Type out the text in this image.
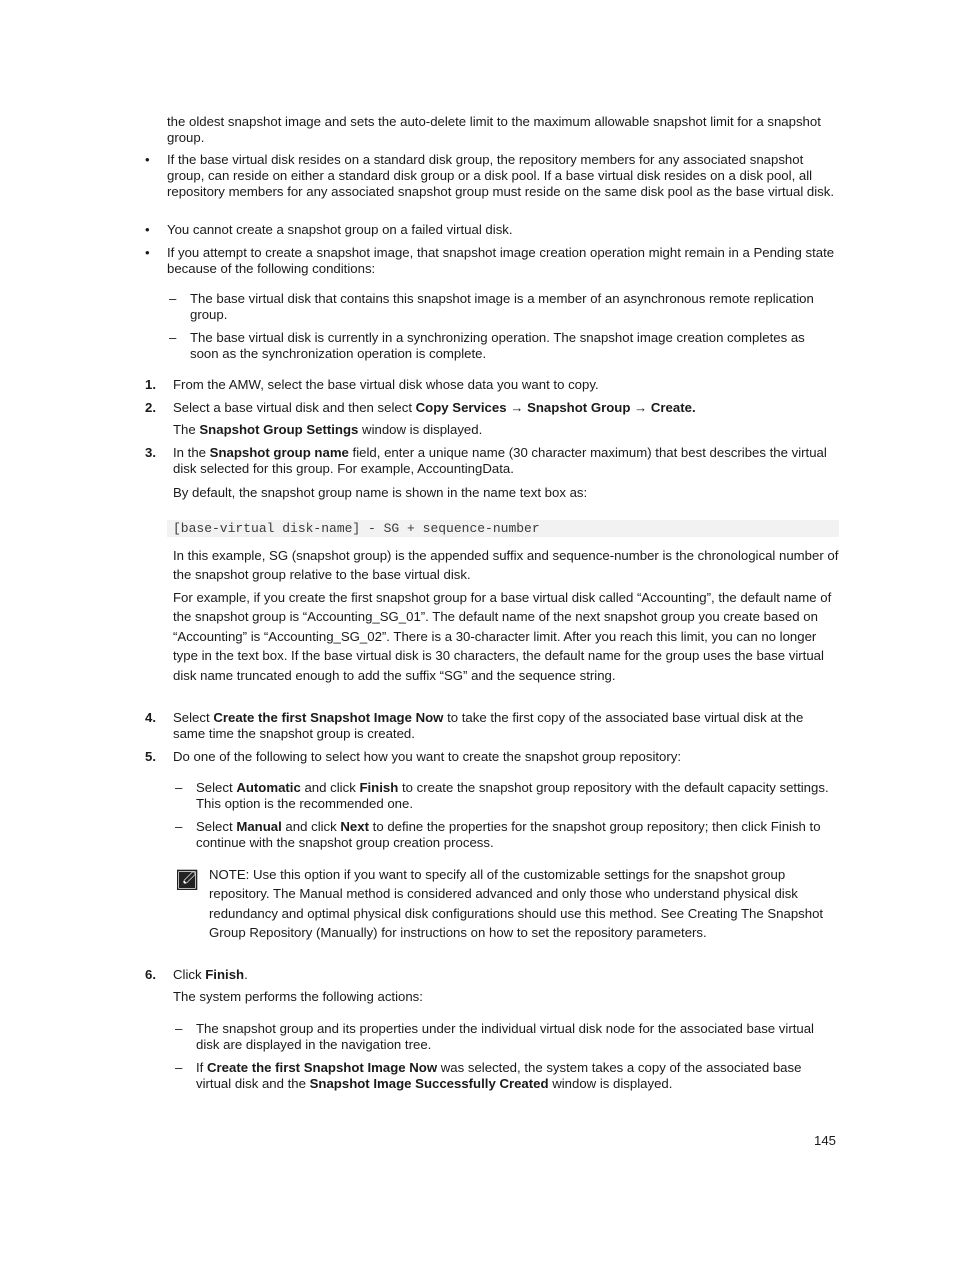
the oldest snapshot image and sets the auto-delete limit to the maximum allowable snapshot limit for a snapshot group.

• If the base virtual disk resides on a standard disk group, the repository members for any associated snapshot group, can reside on either a standard disk group or a disk pool. If a base virtual disk resides on a disk pool, all repository members for any associated snapshot group must reside on the same disk pool as the base virtual disk.

• You cannot create a snapshot group on a failed virtual disk.

• If you attempt to create a snapshot image, that snapshot image creation operation might remain in a Pending state because of the following conditions:

– The base virtual disk that contains this snapshot image is a member of an asynchronous remote replication group.

– The base virtual disk is currently in a synchronizing operation. The snapshot image creation completes as soon as the synchronization operation is complete.

1. From the AMW, select the base virtual disk whose data you want to copy.

2. Select a base virtual disk and then select Copy Services → Snapshot Group → Create.

The Snapshot Group Settings window is displayed.

3. In the Snapshot group name field, enter a unique name (30 character maximum) that best describes the virtual disk selected for this group. For example, AccountingData.

By default, the snapshot group name is shown in the name text box as:

[base-virtual disk-name] - SG + sequence-number

In this example, SG (snapshot group) is the appended suffix and sequence-number is the chronological number of the snapshot group relative to the base virtual disk.

For example, if you create the first snapshot group for a base virtual disk called “Accounting”, the default name of the snapshot group is “Accounting_SG_01”. The default name of the next snapshot group you create based on “Accounting” is “Accounting_SG_02”. There is a 30-character limit. After you reach this limit, you can no longer type in the text box. If the base virtual disk is 30 characters, the default name for the group uses the base virtual disk name truncated enough to add the suffix “SG” and the sequence string.

4. Select Create the first Snapshot Image Now to take the first copy of the associated base virtual disk at the same time the snapshot group is created.

5. Do one of the following to select how you want to create the snapshot group repository:

– Select Automatic and click Finish to create the snapshot group repository with the default capacity settings. This option is the recommended one.

– Select Manual and click Next to define the properties for the snapshot group repository; then click Finish to continue with the snapshot group creation process.

NOTE: Use this option if you want to specify all of the customizable settings for the snapshot group repository. The Manual method is considered advanced and only those who understand physical disk redundancy and optimal physical disk configurations should use this method. See Creating The Snapshot Group Repository (Manually) for instructions on how to set the repository parameters.

6. Click Finish.

The system performs the following actions:

– The snapshot group and its properties under the individual virtual disk node for the associated base virtual disk are displayed in the navigation tree.

– If Create the first Snapshot Image Now was selected, the system takes a copy of the associated base virtual disk and the Snapshot Image Successfully Created window is displayed.

145
